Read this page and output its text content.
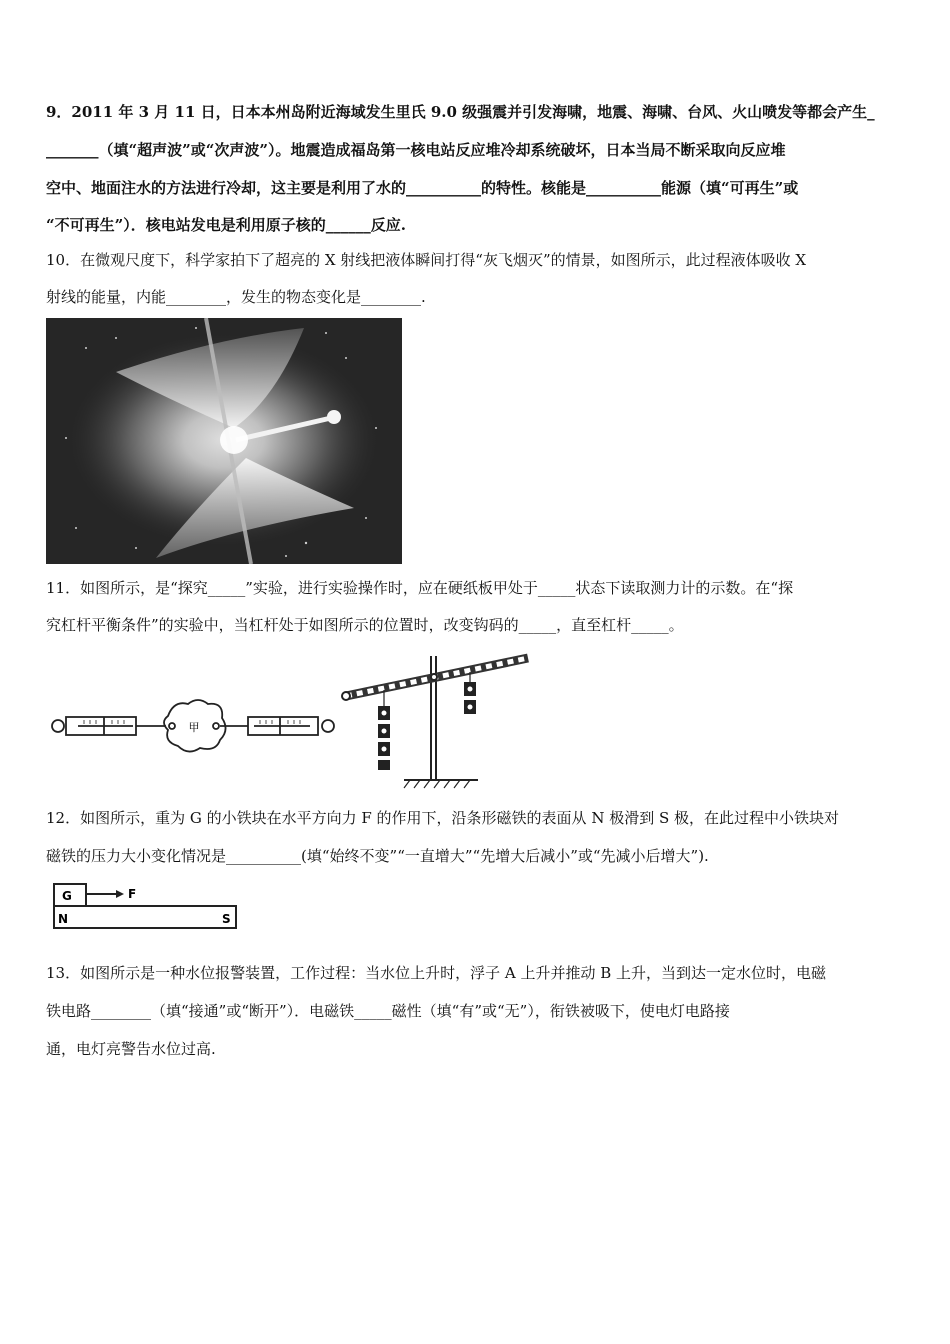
9．2011 年 3 月 11 日，日本本州岛附近海域发生里氏 9.0 级强震并引发海啸，地震、海啸、台风、火山喷发等都会产生_
_______（填“超声波”或“次声波”）。地震造成福岛第一核电站反应堆冷却系统破坏，日本当局不断采取向反应堆
空中、地面注水的方法进行冷却，这主要是利用了水的__________的特性。核能是__________能源（填“可再生”或
“不可再生”）．核电站发电是利用原子核的______反应.
10．在微观尺度下，科学家拍下了超亮的 X 射线把液体瞬间打得“灰飞烟灭”的情景，如图所示，此过程液体吸收 X
射线的能量，内能________，发生的物态变化是________.
11．如图所示，是“探究_____”实验，进行实验操作时，应在硬纸板甲处于_____状态下读取测力计的示数。在“探
究杠杆平衡条件”的实验中，当杠杆处于如图所示的位置时，改变钩码的_____，直至杠杆_____。
甲
12．如图所示，重为 G 的小铁块在水平方向力 F 的作用下，沿条形磁铁的表面从 N 极滑到 S 极，在此过程中小铁块对
磁铁的压力大小变化情况是__________(填“始终不变”“一直增大”“先增大后减小”或“先减小后增大”).
G	F
N	S
13．如图所示是一种水位报警装置，工作过程：当水位上升时，浮子 A 上升并推动 B 上升，当到达一定水位时，电磁
铁电路________（填“接通”或“断开”）．电磁铁_____磁性（填“有”或“无”），衔铁被吸下，使电灯电路接
通，电灯亮警告水位过高.
